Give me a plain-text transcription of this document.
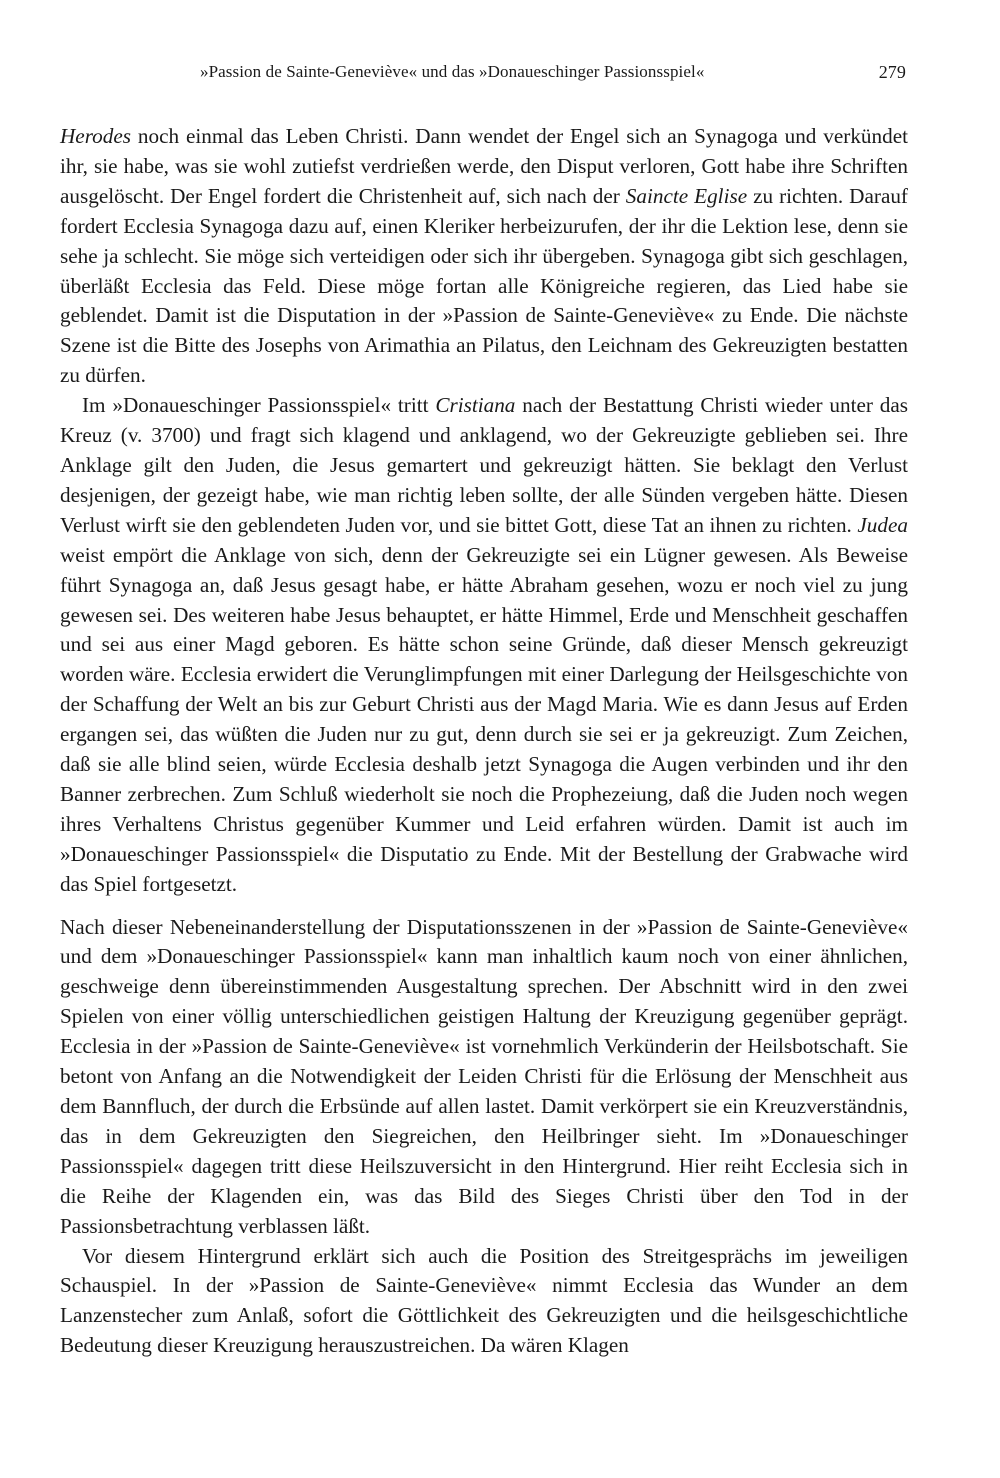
»Passion de Sainte-Geneviève« und das »Donaueschinger Passionsspiel«	279

Herodes noch einmal das Leben Christi. Dann wendet der Engel sich an Synagoga und verkündet ihr, sie habe, was sie wohl zutiefst verdrießen werde, den Disput verloren, Gott habe ihre Schriften ausgelöscht. Der Engel fordert die Christenheit auf, sich nach der Saincte Eglise zu richten. Darauf fordert Ecclesia Synagoga dazu auf, einen Kleriker herbeizurufen, der ihr die Lektion lese, denn sie sehe ja schlecht. Sie möge sich verteidigen oder sich ihr übergeben. Synagoga gibt sich geschlagen, überläßt Ecclesia das Feld. Diese möge fortan alle Königreiche regieren, das Lied habe sie geblendet. Damit ist die Disputation in der »Passion de Sainte-Geneviève« zu Ende. Die nächste Szene ist die Bitte des Josephs von Arimathia an Pilatus, den Leichnam des Gekreuzigten bestatten zu dürfen.

Im »Donaueschinger Passionsspiel« tritt Cristiana nach der Bestattung Christi wieder unter das Kreuz (v. 3700) und fragt sich klagend und anklagend, wo der Gekreuzigte geblieben sei. Ihre Anklage gilt den Juden, die Jesus gemartert und gekreuzigt hätten. Sie beklagt den Verlust desjenigen, der gezeigt habe, wie man richtig leben sollte, der alle Sünden vergeben hätte. Diesen Verlust wirft sie den geblendeten Juden vor, und sie bittet Gott, diese Tat an ihnen zu richten. Judea weist empört die Anklage von sich, denn der Gekreuzigte sei ein Lügner gewesen. Als Beweise führt Synagoga an, daß Jesus gesagt habe, er hätte Abraham gesehen, wozu er noch viel zu jung gewesen sei. Des weiteren habe Jesus behauptet, er hätte Himmel, Erde und Menschheit geschaffen und sei aus einer Magd geboren. Es hätte schon seine Gründe, daß dieser Mensch gekreuzigt worden wäre. Ecclesia erwidert die Verunglimpfungen mit einer Darlegung der Heilsgeschichte von der Schaffung der Welt an bis zur Geburt Christi aus der Magd Maria. Wie es dann Jesus auf Erden ergangen sei, das wüßten die Juden nur zu gut, denn durch sie sei er ja gekreuzigt. Zum Zeichen, daß sie alle blind seien, würde Ecclesia deshalb jetzt Synagoga die Augen verbinden und ihr den Banner zerbrechen. Zum Schluß wiederholt sie noch die Prophezeiung, daß die Juden noch wegen ihres Verhaltens Christus gegenüber Kummer und Leid erfahren würden. Damit ist auch im »Donaueschinger Passionsspiel« die Disputatio zu Ende. Mit der Bestellung der Grabwache wird das Spiel fortgesetzt.

Nach dieser Nebeneinanderstellung der Disputationsszenen in der »Passion de Sainte-Geneviève« und dem »Donaueschinger Passionsspiel« kann man inhaltlich kaum noch von einer ähnlichen, geschweige denn übereinstimmenden Ausgestaltung sprechen. Der Abschnitt wird in den zwei Spielen von einer völlig unterschiedlichen geistigen Haltung der Kreuzigung gegenüber geprägt. Ecclesia in der »Passion de Sainte-Geneviève« ist vornehmlich Verkünderin der Heilsbotschaft. Sie betont von Anfang an die Notwendigkeit der Leiden Christi für die Erlösung der Menschheit aus dem Bannfluch, der durch die Erbsünde auf allen lastet. Damit verkörpert sie ein Kreuzverständnis, das in dem Gekreuzigten den Siegreichen, den Heilbringer sieht. Im »Donaueschinger Passionsspiel« dagegen tritt diese Heilszuversicht in den Hintergrund. Hier reiht Ecclesia sich in die Reihe der Klagenden ein, was das Bild des Sieges Christi über den Tod in der Passionsbetrachtung verblassen läßt.

Vor diesem Hintergrund erklärt sich auch die Position des Streitgesprächs im jeweiligen Schauspiel. In der »Passion de Sainte-Geneviève« nimmt Ecclesia das Wunder an dem Lanzenstecher zum Anlaß, sofort die Göttlichkeit des Gekreuzigten und die heilsgeschichtliche Bedeutung dieser Kreuzigung herauszustreichen. Da wären Klagen
